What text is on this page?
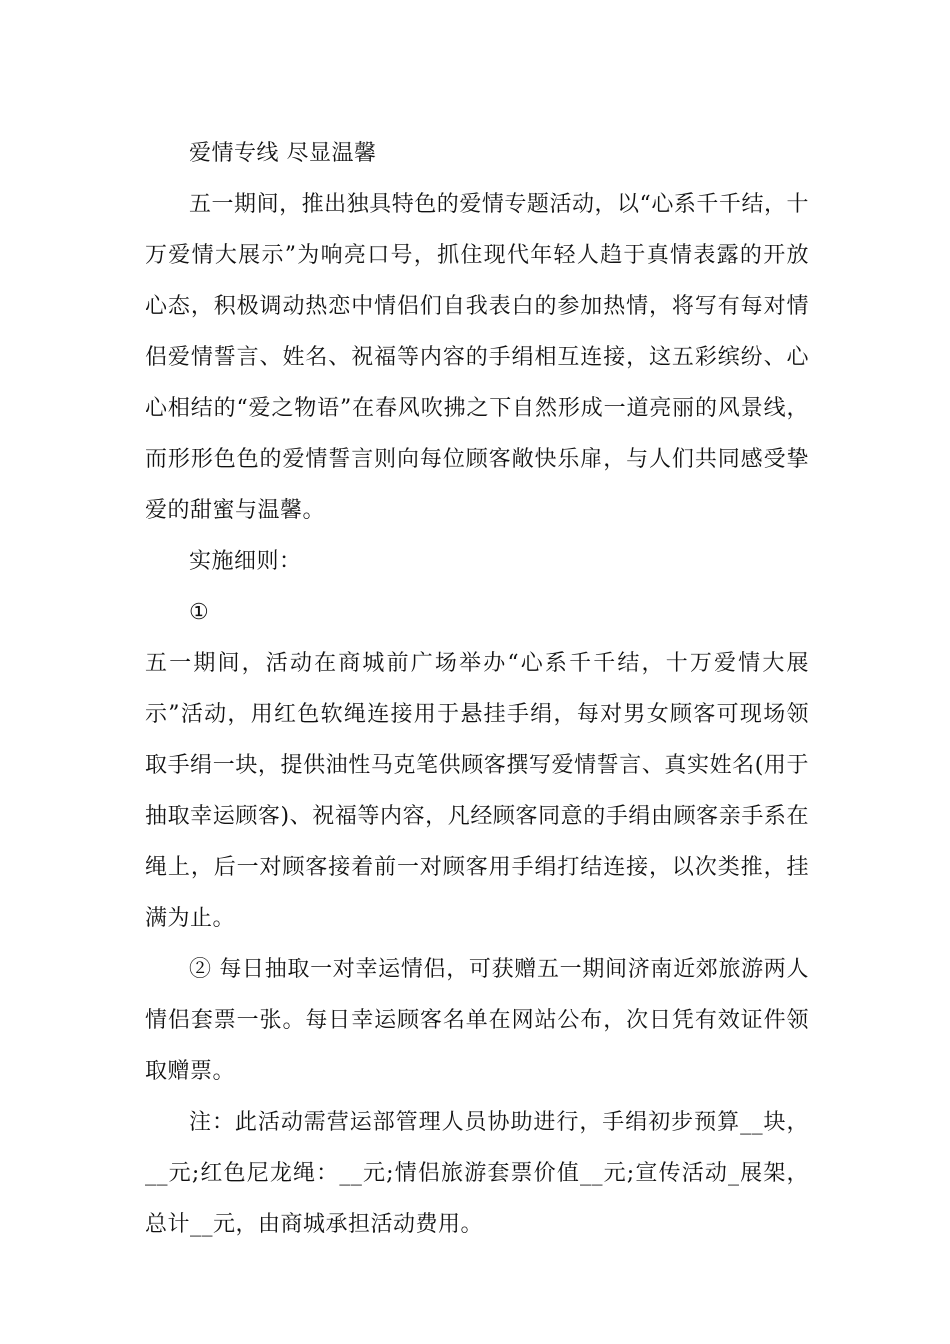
爱情专线 尽显温馨

五一期间，推出独具特色的爱情专题活动，以“心系千千结，十万爱情大展示”为响亮口号，抓住现代年轻人趋于真情表露的开放心态，积极调动热恋中情侣们自我表白的参加热情，将写有每对情侣爱情誓言、姓名、祝福等内容的手绢相互连接，这五彩缤纷、心心相结的“爱之物语”在春风吹拂之下自然形成一道亮丽的风景线，而形形色色的爱情誓言则向每位顾客敞快乐扉，与人们共同感受挚爱的甜蜜与温馨。

实施细则：

①

五一期间，活动在商城前广场举办“心系千千结，十万爱情大展示”活动，用红色软绳连接用于悬挂手绢，每对男女顾客可现场领取手绢一块，提供油性马克笔供顾客撰写爱情誓言、真实姓名(用于抽取幸运顾客)、祝福等内容，凡经顾客同意的手绢由顾客亲手系在绳上，后一对顾客接着前一对顾客用手绢打结连接，以次类推，挂满为止。

② 每日抽取一对幸运情侣，可获赠五一期间济南近郊旅游两人情侣套票一张。每日幸运顾客名单在网站公布，次日凭有效证件领取赠票。

注：此活动需营运部管理人员协助进行，手绢初步预算__块，__元;红色尼龙绳：__元;情侣旅游套票价值__元;宣传活动_展架，总计__元，由商城承担活动费用。
